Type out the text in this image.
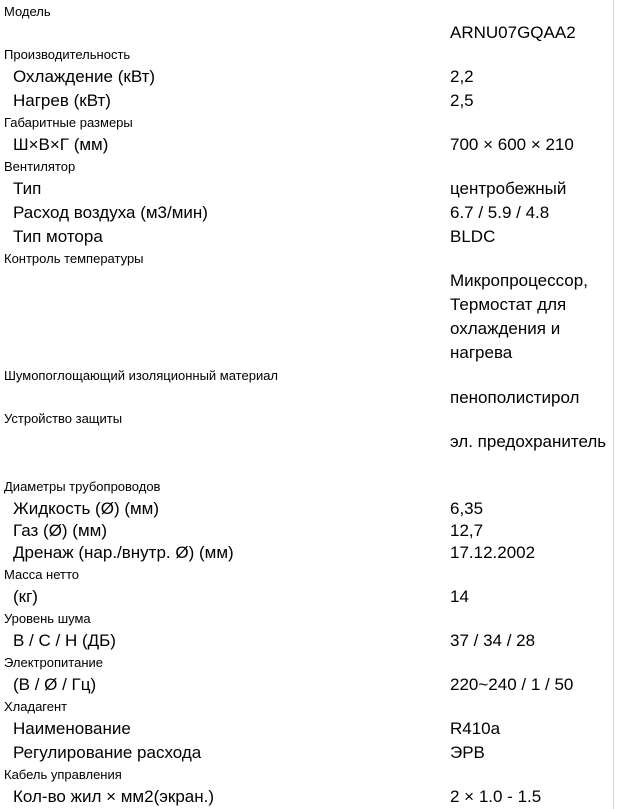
Модель
ARNU07GQAA2
Производительность
Охлаждение (кВт)	2,2
Нагрев (кВт)	2,5
Габаритные размеры
Ш×В×Г (мм)	700 × 600 × 210
Вентилятор
Тип	центробежный
Расход воздуха (м3/мин)	6.7 / 5.9 / 4.8
Тип мотора	BLDC
Контроль температуры
Микропроцессор, Термостат для охлаждения и нагрева
Шумопоглощающий изоляционный материал
пенополистирол
Устройство защиты
эл. предохранитель
Диаметры трубопроводов
Жидкость (Ø) (мм)	6,35
Газ (Ø) (мм)	12,7
Дренаж (нар./внутр. Ø) (мм)	17.12.2002
Масса нетто
(кг)	14
Уровень шума
В / С / Н (ДБ)	37 / 34 / 28
Электропитание
(В / Ø / Гц)	220~240 / 1 / 50
Хладагент
Наименование	R410a
Регулирование расхода	ЭРВ
Кабель управления
Кол-во жил × мм2(экран.)	2 × 1.0 - 1.5
